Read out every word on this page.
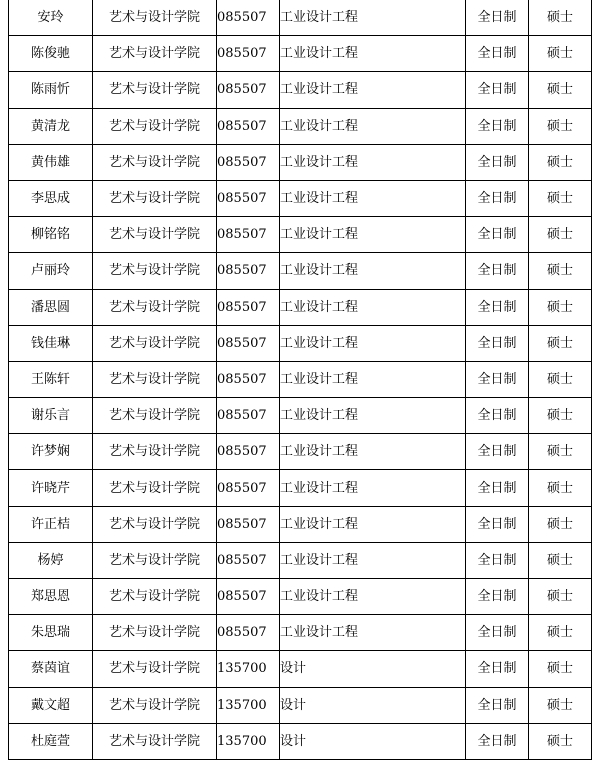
安玲	艺术与设计学院	085507	工业设计工程	全日制	硕士
陈俊驰	艺术与设计学院	085507	工业设计工程	全日制	硕士
陈雨忻	艺术与设计学院	085507	工业设计工程	全日制	硕士
黄清龙	艺术与设计学院	085507	工业设计工程	全日制	硕士
黄伟雄	艺术与设计学院	085507	工业设计工程	全日制	硕士
李思成	艺术与设计学院	085507	工业设计工程	全日制	硕士
柳铭铭	艺术与设计学院	085507	工业设计工程	全日制	硕士
卢丽玲	艺术与设计学院	085507	工业设计工程	全日制	硕士
潘思圆	艺术与设计学院	085507	工业设计工程	全日制	硕士
钱佳琳	艺术与设计学院	085507	工业设计工程	全日制	硕士
王陈轩	艺术与设计学院	085507	工业设计工程	全日制	硕士
谢乐言	艺术与设计学院	085507	工业设计工程	全日制	硕士
许梦娴	艺术与设计学院	085507	工业设计工程	全日制	硕士
许晓芹	艺术与设计学院	085507	工业设计工程	全日制	硕士
许正桔	艺术与设计学院	085507	工业设计工程	全日制	硕士
杨婷	艺术与设计学院	085507	工业设计工程	全日制	硕士
郑思恩	艺术与设计学院	085507	工业设计工程	全日制	硕士
朱思瑞	艺术与设计学院	085507	工业设计工程	全日制	硕士
蔡茵谊	艺术与设计学院	135700	设计	全日制	硕士
戴文超	艺术与设计学院	135700	设计	全日制	硕士
杜庭萱	艺术与设计学院	135700	设计	全日制	硕士
